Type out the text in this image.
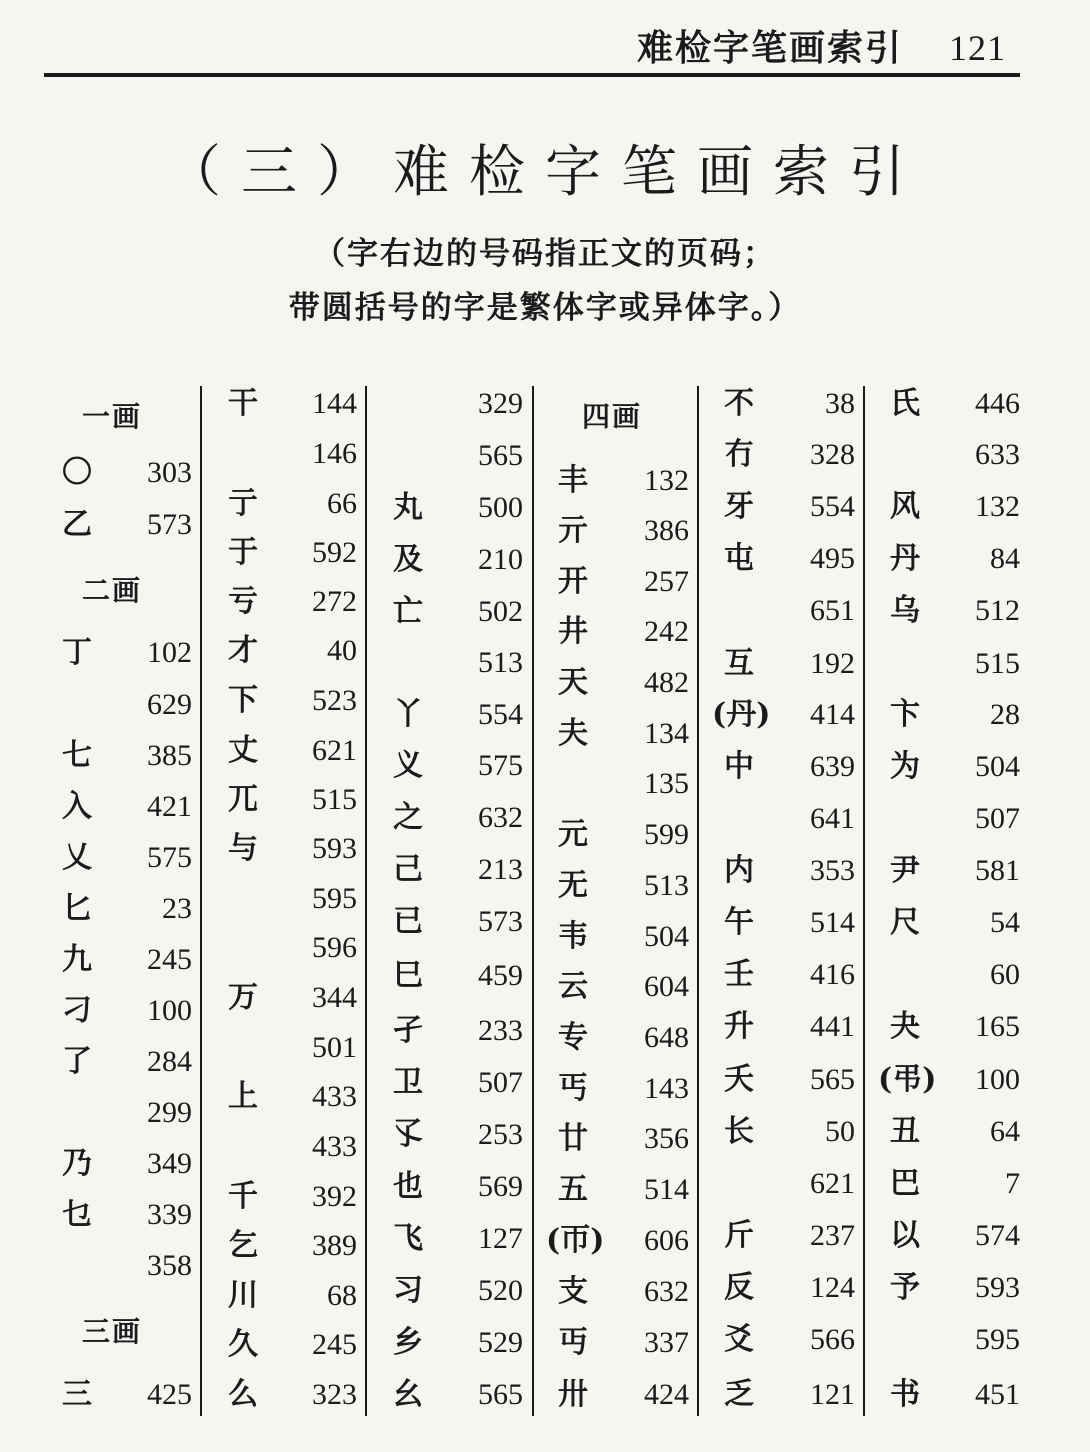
难检字笔画索引 121
（三）难检字笔画索引
（字右边的号码指正文的页码；
带圆括号的字是繁体字或异体字。）
一画
〇	303
乙	573
二画
丁	102
629
七	385
入	421
乂	575
匕	23
九	245
刁	100
了	284
299
乃	349
乜	339
358
三画
三	425
干	144
146
亍	66
于	592
亏	272
才	40
下	523
丈	621
兀	515
与	593
595
596
万	344
501
上	433
433
千	392
乞	389
川	68
久	245
么	323
329
565
丸	500
及	210
亡	502
513
丫	554
义	575
之	632
己	213
已	573
巳	459
孑	233
卫	507
孓	253
也	569
飞	127
习	520
乡	529
幺	565
四画
丰	132
亓	386
开	257
井	242
天	482
夫	134
135
元	599
无	513
韦	504
云	604
专	648
丐	143
廿	356
五	514
(帀)	606
支	632
丏	337
卅	424
不	38
冇	328
牙	554
屯	495
651
互	192
(丹)	414
中	639
641
内	353
午	514
壬	416
升	441
夭	565
长	50
621
斤	237
反	124
爻	566
乏	121
氏	446
633
风	132
丹	84
乌	512
515
卞	28
为	504
507
尹	581
尺	54
60
夬	165
(弔)	100
丑	64
巴	7
以	574
予	593
595
书	451
